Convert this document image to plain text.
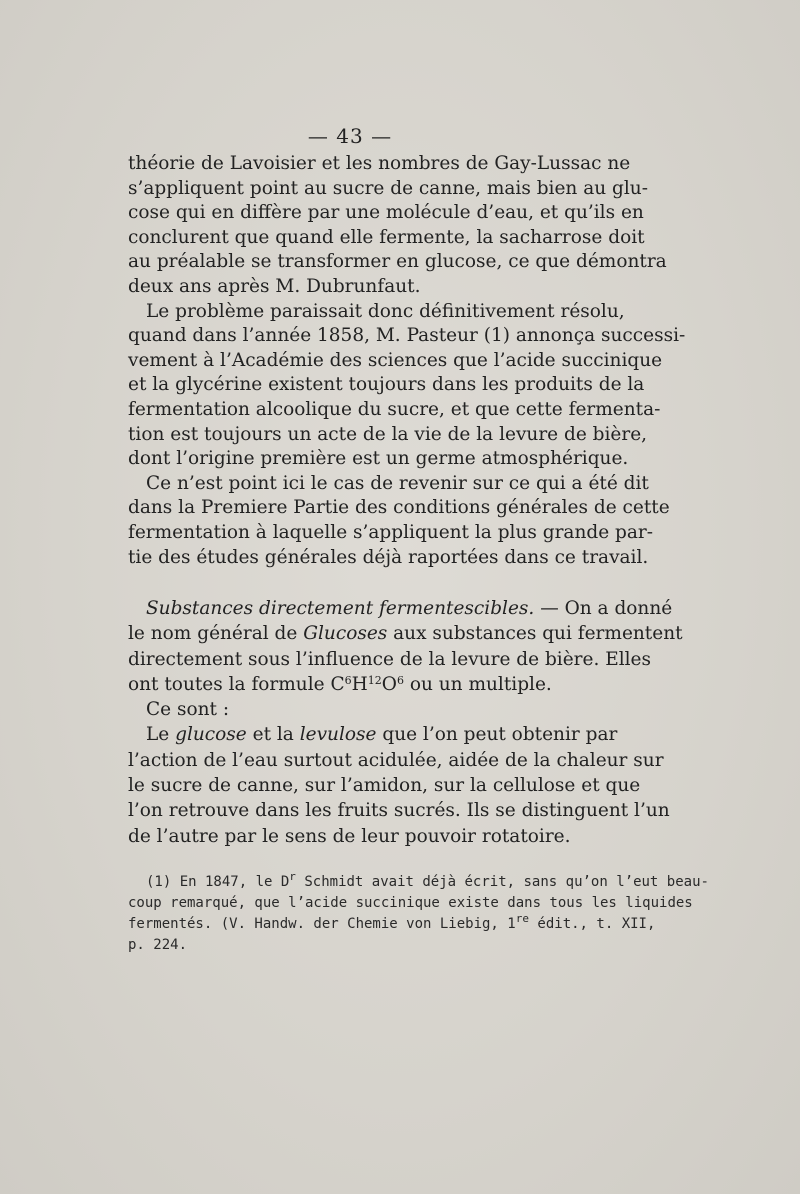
— 43 —
théorie de Lavoisier et les nombres de Gay-Lussac ne
s’appliquent point au sucre de canne, mais bien au glu-
cose qui en diffère par une molécule d’eau, et qu’ils en
conclurent que quand elle fermente, la sacharrose doit
au préalable se transformer en glucose, ce que démontra
deux ans après M. Dubrunfaut.
Le problème paraissait donc définitivement résolu,
quand dans l’année 1858, M. Pasteur (1) annonça successi-
vement à l’Académie des sciences que l’acide succinique
et la glycérine existent toujours dans les produits de la
fermentation alcoolique du sucre, et que cette fermenta-
tion est toujours un acte de la vie de la levure de bière,
dont l’origine première est un germe atmosphérique.
Ce n’est point ici le cas de revenir sur ce qui a été dit
dans la Premiere Partie des conditions générales de cette
fermentation à laquelle s’appliquent la plus grande par-
tie des études générales déjà raportées dans ce travail.
Substances directement fermentescibles. — On a donné
le nom général de Glucoses aux substances qui fermentent
directement sous l’influence de la levure de bière. Elles
ont toutes la formule $C^6H^{12}O^6$ ou un multiple.
Ce sont :
Le glucose et la levulose que l’on peut obtenir par
l’action de l’eau surtout acidulée, aidée de la chaleur sur
le sucre de canne, sur l’amidon, sur la cellulose et que
l’on retrouve dans les fruits sucrés. Ils se distinguent l’un
de l’autre par le sens de leur pouvoir rotatoire.
(1) En 1847, le $D^r$ Schmidt avait déjà écrit, sans qu’on l’eut beau-
coup remarqué, que l’acide succinique existe dans tous les liquides
fermentés. (V. Handw. der Chemie von Liebig, 1re édit., t. XII,
p. 224.
